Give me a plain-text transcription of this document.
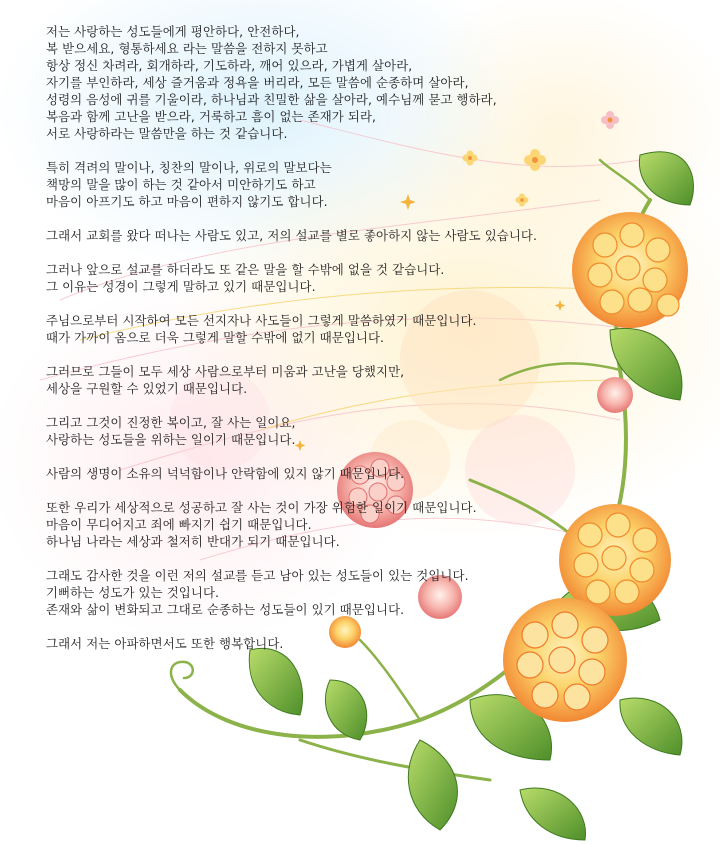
저는 사랑하는 성도들에게 평안하다, 안전하다,
복 받으세요, 형통하세요 라는 말씀을 전하지 못하고
항상 정신 차려라, 회개하라, 기도하라, 깨어 있으라, 가볍게 살아라,
자기를 부인하라, 세상 즐거움과 정욕을 버리라, 모든 말씀에 순종하며 살아라,
성령의 음성에 귀를 기울이라, 하나님과 친밀한 삶을 살아라, 예수님께 묻고 행하라,
복음과 함께 고난을 받으라, 거룩하고 흠이 없는 존재가 되라,
서로 사랑하라는 말씀만을 하는 것 같습니다.
특히 격려의 말이나, 칭찬의 말이나, 위로의 말보다는
책망의 말을 많이 하는 것 같아서 미안하기도 하고
마음이 아프기도 하고 마음이 편하지 않기도 합니다.
그래서 교회를 왔다 떠나는 사람도 있고, 저의 설교를 별로 좋아하지 않는 사람도 있습니다.
그러나 앞으로 설교를 하더라도 또 같은 말을 할 수밖에 없을 것 같습니다.
그 이유는 성경이 그렇게 말하고 있기 때문입니다.
주님으로부터 시작하여 모든 선지자나 사도들이 그렇게 말씀하였기 때문입니다.
때가 가까이 옴으로 더욱 그렇게 말할 수밖에 없기 때문입니다.
그러므로 그들이 모두 세상 사람으로부터 미움과 고난을 당했지만,
세상을 구원할 수 있었기 때문입니다.
그리고 그것이 진정한 복이고, 잘 사는 일이요,
사랑하는 성도들을 위하는 일이기 때문입니다.
사람의 생명이 소유의 넉넉함이나 안락함에 있지 않기 때문입니다.
또한 우리가 세상적으로 성공하고 잘 사는 것이 가장 위험한 일이기 때문입니다.
마음이 무디어지고 죄에 빠지기 쉽기 때문입니다.
하나님 나라는 세상과 철저히 반대가 되기 때문입니다.
그래도 감사한 것을 이런 저의 설교를 듣고 남아 있는 성도들이 있는 것입니다.
기뻐하는 성도가 있는 것입니다.
존재와 삶이 변화되고 그대로 순종하는 성도들이 있기 때문입니다.
그래서 저는 아파하면서도 또한 행복합니다.
